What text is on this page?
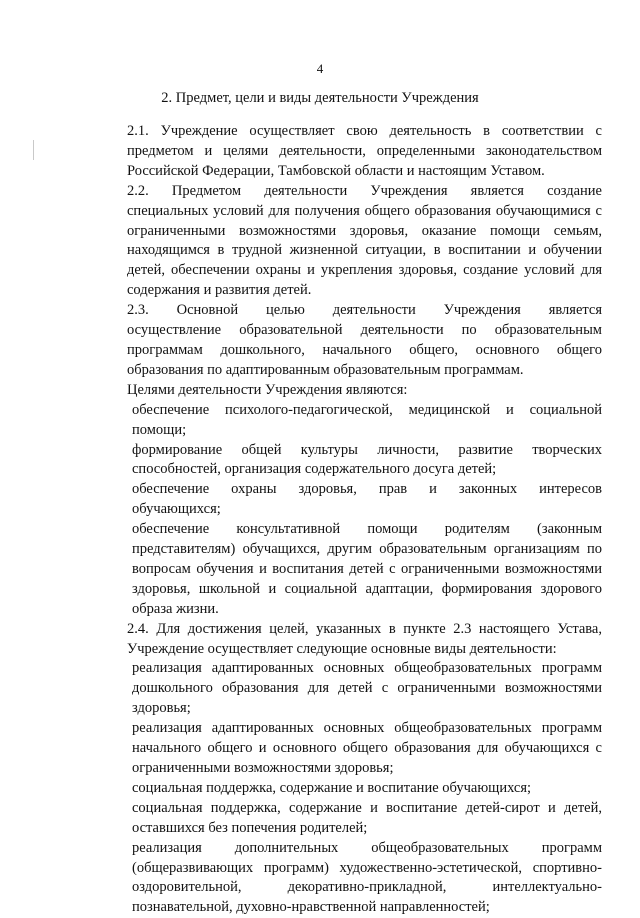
4
2. Предмет, цели и виды деятельности Учреждения

2.1. Учреждение осуществляет свою деятельность в соответствии с
предметом и целями деятельности, определенными законодательством
Российской Федерации, Тамбовской области и настоящим Уставом.

2.2. Предметом деятельности Учреждения является создание
специальных условий для получения общего образования обучающимися с
ограниченными возможностями здоровья, оказание помощи семьям,
находящимся в трудной жизненной ситуации, в воспитании и обучении
детей, обеспечении охраны и укрепления здоровья, создание условий для
содержания и развития детей.

2.3. Основной целью деятельности Учреждения является
осуществление образовательной деятельности по образовательным
программам дошкольного, начального общего, основного общего
образования по адаптированным образовательным программам.

Целями деятельности Учреждения являются:

обеспечение психолого-педагогической, медицинской и социальной
помощи;

формирование общей культуры личности, развитие творческих
способностей, организация содержательного досуга детей;

обеспечение охраны здоровья, прав и законных интересов
обучающихся;

обеспечение консультативной помощи родителям (законным
представителям) обучащихся, другим образовательным организациям по
вопросам обучения и воспитания детей с ограниченными возможностями
здоровья, школьной и социальной адаптации, формирования здорового
образа жизни.

2.4. Для достижения целей, указанных в пункте 2.3 настоящего Устава,
Учреждение осуществляет следующие основные виды деятельности:

реализация адаптированных основных общеобразовательных программ
дошкольного образования для детей с ограниченными возможностями
здоровья;

реализация адаптированных основных общеобразовательных программ
начального общего и основного общего образования для обучающихся с
ограниченными возможностями здоровья;

социальная поддержка, содержание и воспитание обучающихся;

социальная поддержка, содержание и воспитание детей-сирот и детей,
оставшихся без попечения родителей;

реализация дополнительных общеобразовательных программ
(общеразвивающих программ) художественно-эстетической, спортивно-
оздоровительной, декоративно-прикладной, интеллектуально-
познавательной, духовно-нравственной направленностей;
